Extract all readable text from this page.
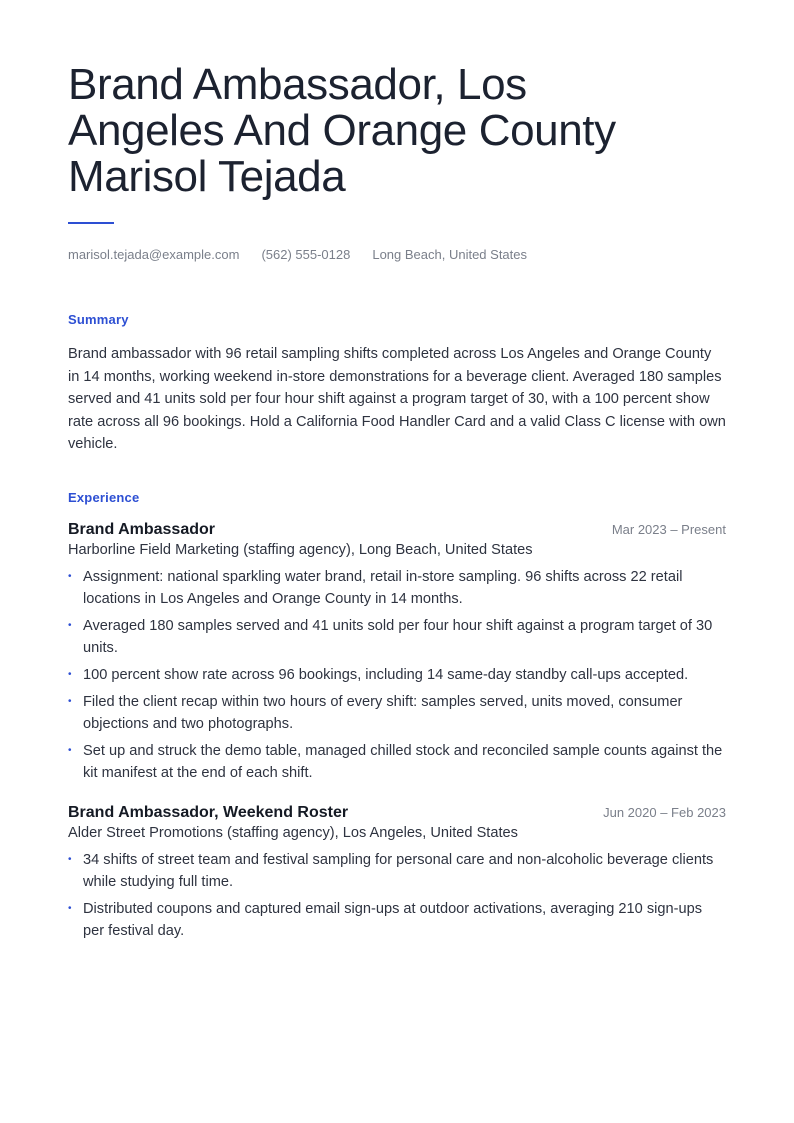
Brand Ambassador, Los
Angeles And Orange County
Marisol Tejada
marisol.tejada@example.com (562) 555-0128 Long Beach, United States
Summary
Brand ambassador with 96 retail sampling shifts completed across Los Angeles and Orange County in 14 months, working weekend in-store demonstrations for a beverage client. Averaged 180 samples served and 41 units sold per four hour shift against a program target of 30, with a 100 percent show rate across all 96 bookings. Hold a California Food Handler Card and a valid Class C license with own vehicle.
Experience
Brand Ambassador	Mar 2023 – Present
Harborline Field Marketing (staffing agency), Long Beach, United States
• Assignment: national sparkling water brand, retail in-store sampling. 96 shifts across 22 retail locations in Los Angeles and Orange County in 14 months.
• Averaged 180 samples served and 41 units sold per four hour shift against a program target of 30 units.
• 100 percent show rate across 96 bookings, including 14 same-day standby call-ups accepted.
• Filed the client recap within two hours of every shift: samples served, units moved, consumer objections and two photographs.
• Set up and struck the demo table, managed chilled stock and reconciled sample counts against the kit manifest at the end of each shift.
Brand Ambassador, Weekend Roster	Jun 2020 – Feb 2023
Alder Street Promotions (staffing agency), Los Angeles, United States
• 34 shifts of street team and festival sampling for personal care and non-alcoholic beverage clients while studying full time.
• Distributed coupons and captured email sign-ups at outdoor activations, averaging 210 sign-ups per festival day.
